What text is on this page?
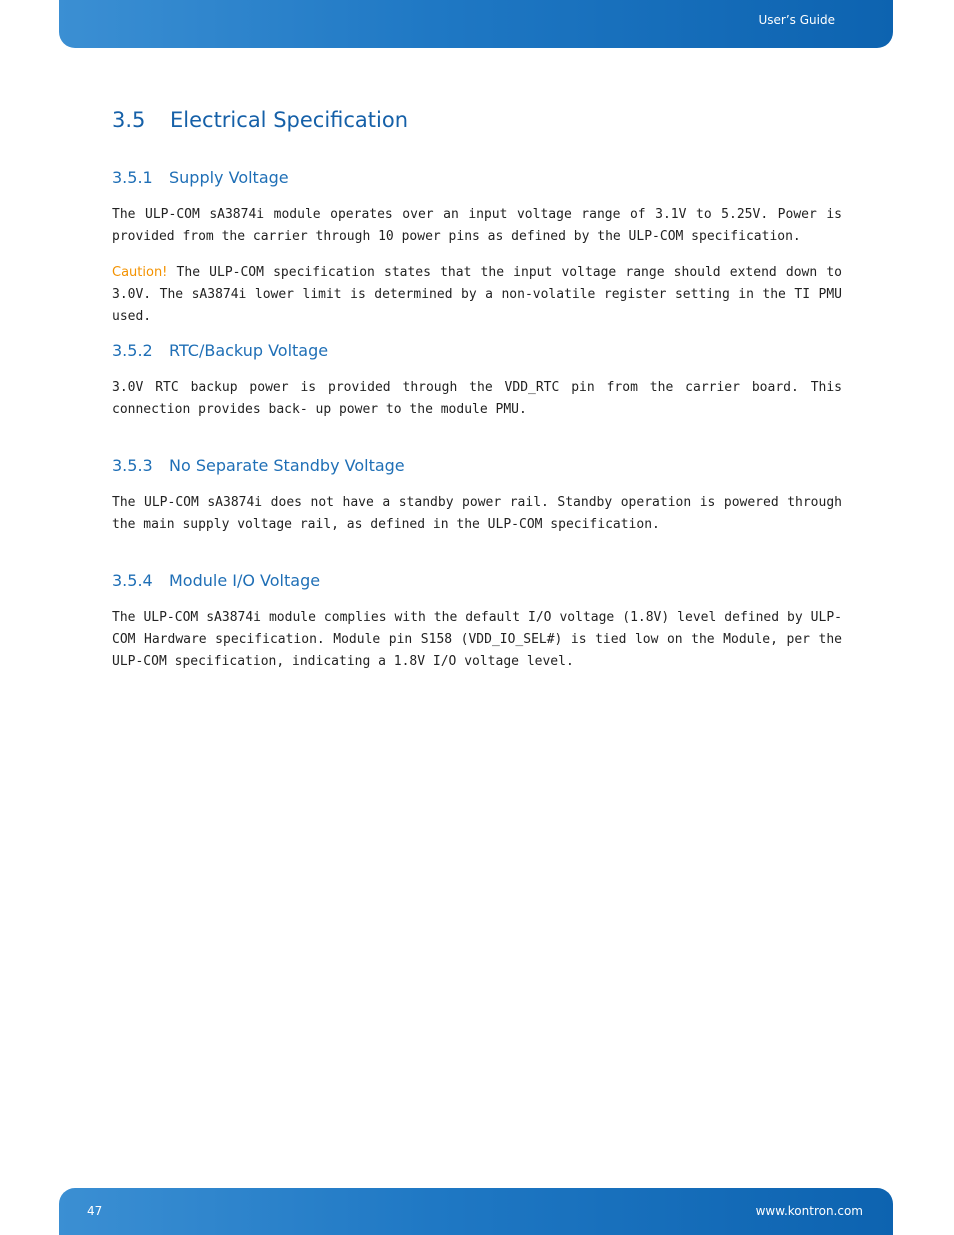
User’s Guide
3.5 Electrical Specification
3.5.1 Supply Voltage

The ULP-COM sA3874i module operates over an input voltage range of 3.1V to 5.25V. Power is provided from the carrier through 10 power pins as defined by the ULP-COM specification.

Caution! The ULP-COM specification states that the input voltage range should extend down to 3.0V. The sA3874i lower limit is determined by a non-volatile register setting in the TI PMU used.

3.5.2 RTC/Backup Voltage

3.0V RTC backup power is provided through the VDD_RTC pin from the carrier board. This connection provides back- up power to the module PMU.

3.5.3 No Separate Standby Voltage

The ULP-COM sA3874i does not have a standby power rail. Standby operation is powered through the main supply voltage rail, as defined in the ULP-COM specification.

3.5.4 Module I/O Voltage

The ULP-COM sA3874i module complies with the default I/O voltage (1.8V) level defined by ULP-COM Hardware specification. Module pin S158 (VDD_IO_SEL#) is tied low on the Module, per the ULP-COM specification, indicating a 1.8V I/O voltage level.

47	www.kontron.com
